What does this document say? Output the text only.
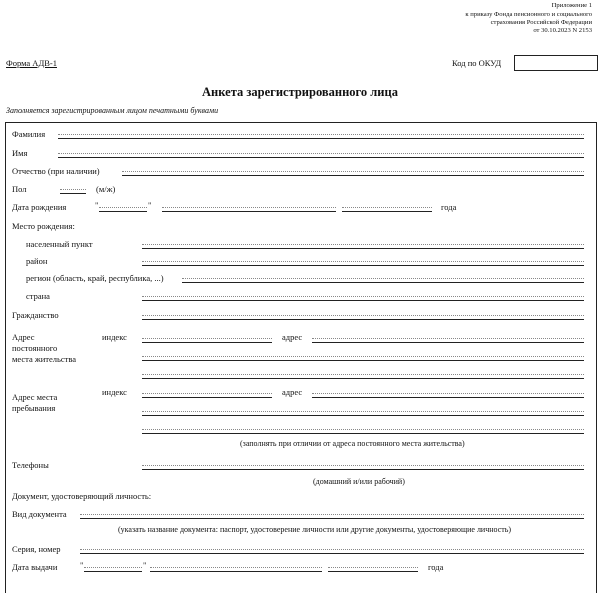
Приложение 1
к приказу Фонда пенсионного и социального
страхования Российской Федерации
от 30.10.2023 N 2153
Форма АДВ-1	Код по ОКУД
Анкета зарегистрированного лица
Заполняется зарегистрированным лицом печатными буквами
Фамилия
Имя
Отчество (при наличии)
Пол	(м/ж)
Дата рождения	"	"	года
Место рождения:
населенный пункт
район
регион (область, край, республика, ...)
страна
Гражданство
Адрес
постоянного
места жительства
индекс	адрес
Адрес места
пребывания
индекс	адрес
(заполнять при отличии от адреса постоянного места жительства)
Телефоны
(домашний и/или рабочий)
Документ, удостоверяющий личность:
Вид документа
(указать название документа: паспорт, удостоверение личности или другие документы, удостоверяющие личность)
Серия, номер
Дата выдачи	"	"	года
